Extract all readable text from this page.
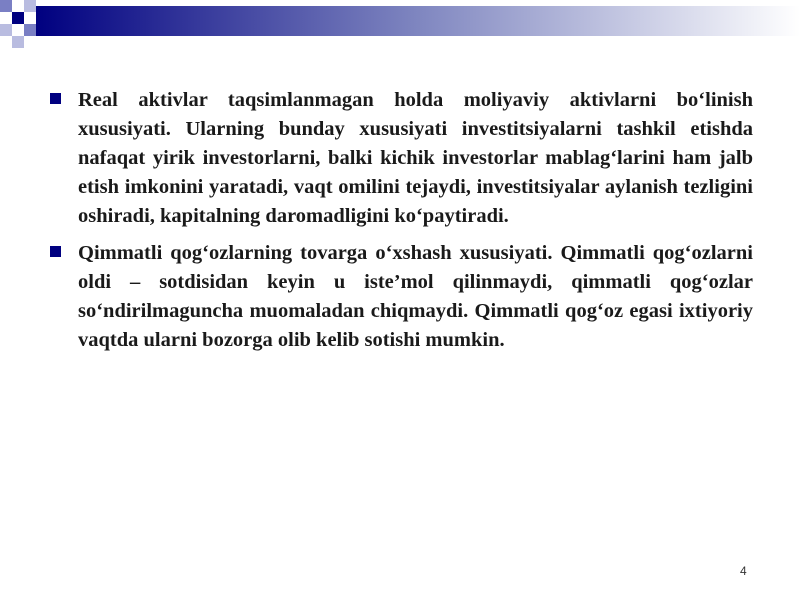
Real aktivlar taqsimlanmagan holda moliyaviy aktivlarni bo‘linish xususiyati. Ularning bunday xususiyati investitsiyalarni tashkil etishda nafaqat yirik investorlarni, balki kichik investorlar mablag‘larini ham jalb etish imkonini yaratadi, vaqt omilini tejaydi, investitsiyalar aylanish tezligini oshiradi, kapitalning daromadligini ko‘paytiradi.
Qimmatli qog‘ozlarning tovarga o‘xshash xususiyati. Qimmatli qog‘ozlarni oldi – sotdisidan keyin u iste’mol qilinmaydi, qimmatli qog‘ozlar so‘ndirilmaguncha muomaladan chiqmaydi. Qimmatli qog‘oz egasi ixtiyoriy vaqtda ularni bozorga olib kelib sotishi mumkin.
4
